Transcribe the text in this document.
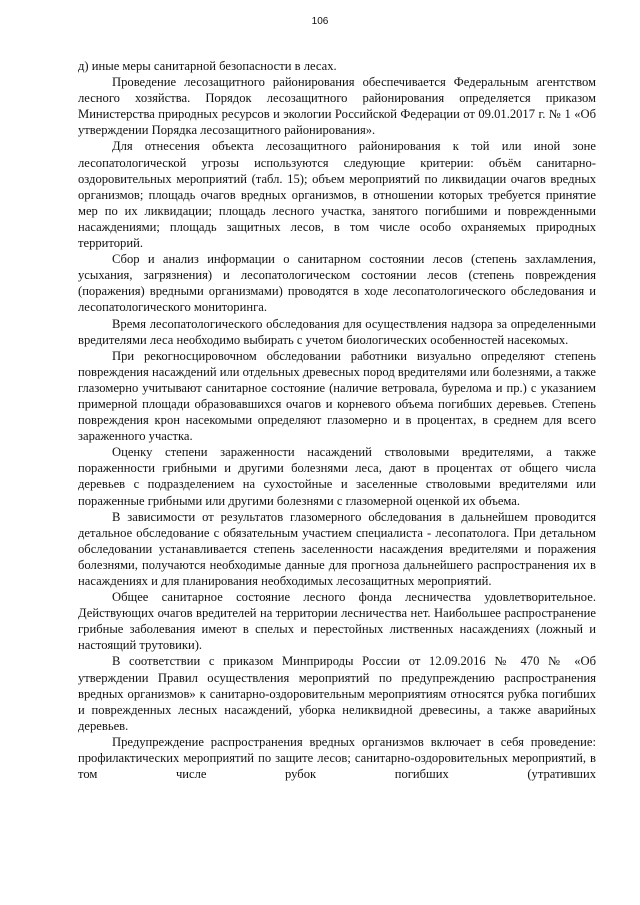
106

д) иные меры санитарной безопасности в лесах.

Проведение лесозащитного районирования обеспечивается Федеральным агентством лесного хозяйства. Порядок лесозащитного районирования определяется приказом Министерства природных ресурсов и экологии Российской Федерации от 09.01.2017 г. № 1 «Об утверждении Порядка лесозащитного районирования».

Для отнесения объекта лесозащитного районирования к той или иной зоне лесопатологической угрозы используются следующие критерии: объём санитарно-оздоровительных мероприятий (табл. 15); объем мероприятий по ликвидации очагов вредных организмов; площадь очагов вредных организмов, в отношении которых требуется принятие мер по их ликвидации; площадь лесного участка, занятого погибшими и поврежденными насаждениями; площадь защитных лесов, в том числе особо охраняемых природных территорий.

Сбор и анализ информации о санитарном состоянии лесов (степень захламления, усыхания, загрязнения) и лесопатологическом состоянии лесов (степень повреждения (поражения) вредными организмами) проводятся в ходе лесопатологического обследования и лесопатологического мониторинга.

Время лесопатологического обследования для осуществления надзора за определенными вредителями леса необходимо выбирать с учетом биологических особенностей насекомых.

При рекогносцировочном обследовании работники визуально определяют степень повреждения насаждений или отдельных древесных пород вредителями или болезнями, а также глазомерно учитывают санитарное состояние (наличие ветровала, бурелома и пр.) с указанием примерной площади образовавшихся очагов и корневого объема погибших деревьев. Степень повреждения крон насекомыми определяют глазомерно и в процентах, в среднем для всего зараженного участка.

Оценку степени зараженности насаждений стволовыми вредителями, а также пораженности грибными и другими болезнями леса, дают в процентах от общего числа деревьев с подразделением на сухостойные и заселенные стволовыми вредителями или пораженные грибными или другими болезнями с глазомерной оценкой их объема.

В зависимости от результатов глазомерного обследования в дальнейшем проводится детальное обследование с обязательным участием специалиста - лесопатолога. При детальном обследовании устанавливается степень заселенности насаждения вредителями и поражения болезнями, получаются необходимые данные для прогноза дальнейшего распространения их в насаждениях и для планирования необходимых лесозащитных мероприятий.

Общее санитарное состояние лесного фонда лесничества удовлетворительное. Действующих очагов вредителей на территории лесничества нет. Наибольшее распространение грибные заболевания имеют в спелых и перестойных лиственных насаждениях (ложный и настоящий трутовики).

В соответствии с приказом Минприроды России от 12.09.2016 № 470 № «Об утверждении Правил осуществления мероприятий по предупреждению распространения вредных организмов» к санитарно-оздоровительным мероприятиям относятся рубка погибших и поврежденных лесных насаждений, уборка неликвидной древесины, а также аварийных деревьев.

Предупреждение распространения вредных организмов включает в себя проведение: профилактических мероприятий по защите лесов; санитарно-оздоровительных мероприятий, в том числе рубок погибших (утративших
